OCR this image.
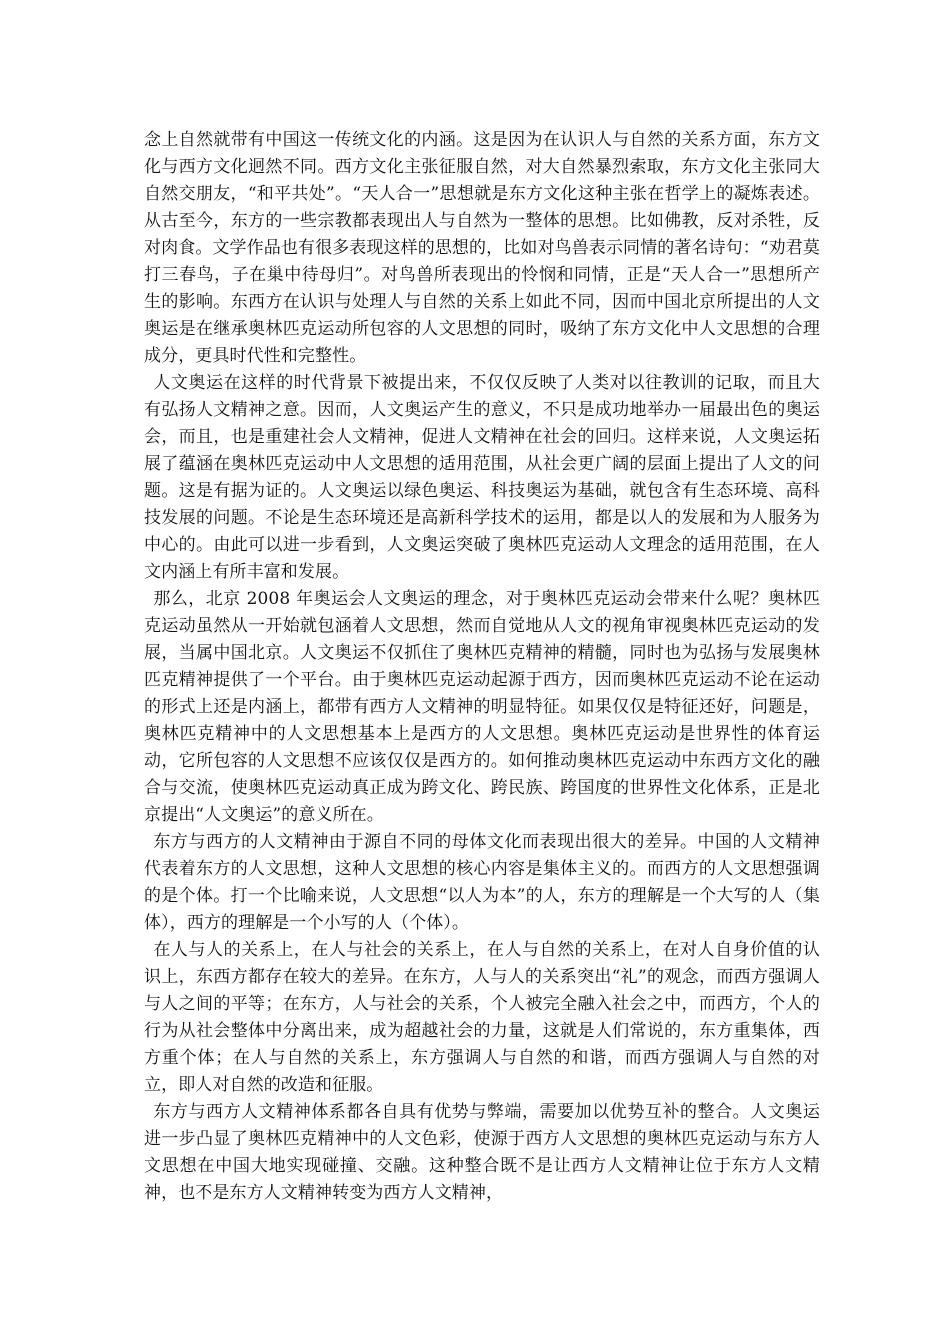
念上自然就带有中国这一传统文化的内涵。这是因为在认识人与自然的关系方面，东方文化与西方文化迥然不同。西方文化主张征服自然，对大自然暴烈索取，东方文化主张同大自然交朋友，“和平共处”。“天人合一”思想就是东方文化这种主张在哲学上的凝炼表述。从古至今，东方的一些宗教都表现出人与自然为一整体的思想。比如佛教，反对杀牲，反对肉食。文学作品也有很多表现这样的思想的，比如对鸟兽表示同情的著名诗句：“劝君莫打三春鸟，子在巢中待母归”。对鸟兽所表现出的怜悯和同情，正是“天人合一”思想所产生的影响。东西方在认识与处理人与自然的关系上如此不同，因而中国北京所提出的人文奥运是在继承奥林匹克运动所包容的人文思想的同时，吸纳了东方文化中人文思想的合理成分，更具时代性和完整性。

人文奥运在这样的时代背景下被提出来，不仅仅反映了人类对以往教训的记取，而且大有弘扬人文精神之意。因而，人文奥运产生的意义，不只是成功地举办一届最出色的奥运会，而且，也是重建社会人文精神，促进人文精神在社会的回归。这样来说，人文奥运拓展了蕴涵在奥林匹克运动中人文思想的适用范围，从社会更广阔的层面上提出了人文的问题。这是有据为证的。人文奥运以绿色奥运、科技奥运为基础，就包含有生态环境、高科技发展的问题。不论是生态环境还是高新科学技术的运用，都是以人的发展和为人服务为中心的。由此可以进一步看到，人文奥运突破了奥林匹克运动人文理念的适用范围，在人文内涵上有所丰富和发展。

那么，北京 2008 年奥运会人文奥运的理念，对于奥林匹克运动会带来什么呢？奥林匹克运动虽然从一开始就包涵着人文思想，然而自觉地从人文的视角审视奥林匹克运动的发展，当属中国北京。人文奥运不仅抓住了奥林匹克精神的精髓，同时也为弘扬与发展奥林匹克精神提供了一个平台。由于奥林匹克运动起源于西方，因而奥林匹克运动不论在运动的形式上还是内涵上，都带有西方人文精神的明显特征。如果仅仅是特征还好，问题是，奥林匹克精神中的人文思想基本上是西方的人文思想。奥林匹克运动是世界性的体育运动，它所包容的人文思想不应该仅仅是西方的。如何推动奥林匹克运动中东西方文化的融合与交流，使奥林匹克运动真正成为跨文化、跨民族、跨国度的世界性文化体系，正是北京提出“人文奥运”的意义所在。

东方与西方的人文精神由于源自不同的母体文化而表现出很大的差异。中国的人文精神代表着东方的人文思想，这种人文思想的核心内容是集体主义的。而西方的人文思想强调的是个体。打一个比喻来说，人文思想“以人为本”的人，东方的理解是一个大写的人（集体），西方的理解是一个小写的人（个体）。

在人与人的关系上，在人与社会的关系上，在人与自然的关系上，在对人自身价值的认识上，东西方都存在较大的差异。在东方，人与人的关系突出“礼”的观念，而西方强调人与人之间的平等；在东方，人与社会的关系，个人被完全融入社会之中，而西方，个人的行为从社会整体中分离出来，成为超越社会的力量，这就是人们常说的，东方重集体，西方重个体；在人与自然的关系上，东方强调人与自然的和谐，而西方强调人与自然的对立，即人对自然的改造和征服。

东方与西方人文精神体系都各自具有优势与弊端，需要加以优势互补的整合。人文奥运进一步凸显了奥林匹克精神中的人文色彩，使源于西方人文思想的奥林匹克运动与东方人文思想在中国大地实现碰撞、交融。这种整合既不是让西方人文精神让位于东方人文精神，也不是东方人文精神转变为西方人文精神，
